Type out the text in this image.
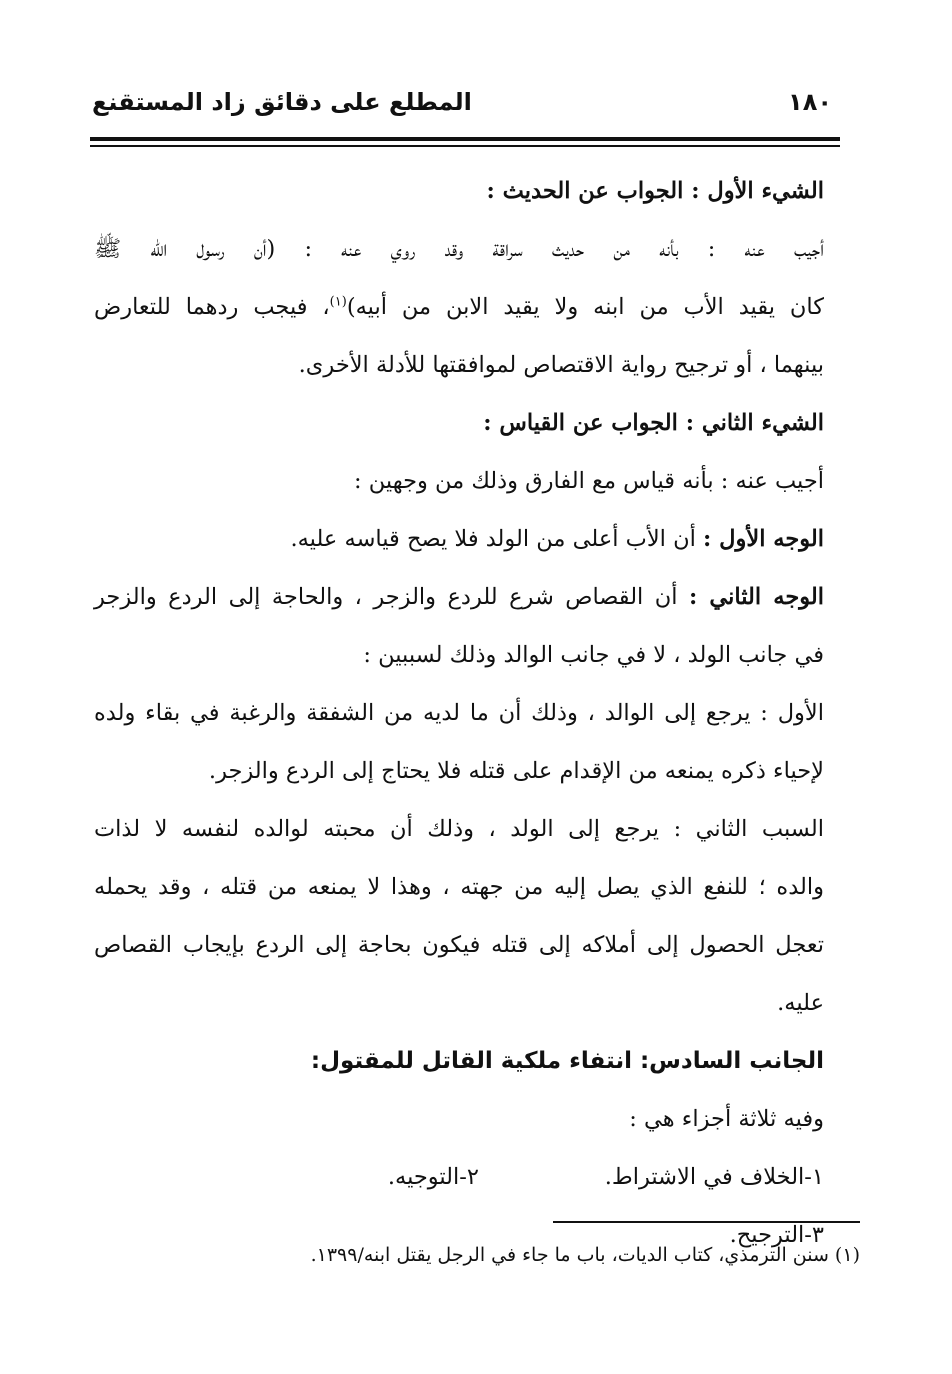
١٨٠
المطلع على دقائق زاد المستقنع
الشيء الأول : الجواب عن الحديث :
أجيب عنه : بأنه من حديث سراقة وقد روي عنه : (أن رسول الله ﷺ
كان يقيد الأب من ابنه ولا يقيد الابن من أبيه)$^{(١)}$، فيجب ردهما للتعارض
بينهما ، أو ترجيح رواية الاقتصاص لموافقتها للأدلة الأخرى.
الشيء الثاني : الجواب عن القياس :
أجيب عنه : بأنه قياس مع الفارق وذلك من وجهين :
الوجه الأول : أن الأب أعلى من الولد فلا يصح قياسه عليه.
الوجه الثاني : أن القصاص شرع للردع والزجر ، والحاجة إلى الردع والزجر
في جانب الولد ، لا في جانب الوالد وذلك لسببين :
الأول : يرجع إلى الوالد ، وذلك أن ما لديه من الشفقة والرغبة في بقاء ولده
لإحياء ذكره يمنعه من الإقدام على قتله فلا يحتاج إلى الردع والزجر.
السبب الثاني : يرجع إلى الولد ، وذلك أن محبته لوالده لنفسه لا لذات
والده ؛ للنفع الذي يصل إليه من جهته ، وهذا لا يمنعه من قتله ، وقد يحمله
تعجل الحصول إلى أملاكه إلى قتله فيكون بحاجة إلى الردع بإيجاب القصاص
عليه.
الجانب السادس: انتفاء ملكية القاتل للمقتول:
وفيه ثلاثة أجزاء هي :
١-الخلاف في الاشتراط.
٢-التوجيه.
٣-الترجيح.
(١) سنن الترمذي، كتاب الديات، باب ما جاء في الرجل يقتل ابنه/١٣٩٩.
